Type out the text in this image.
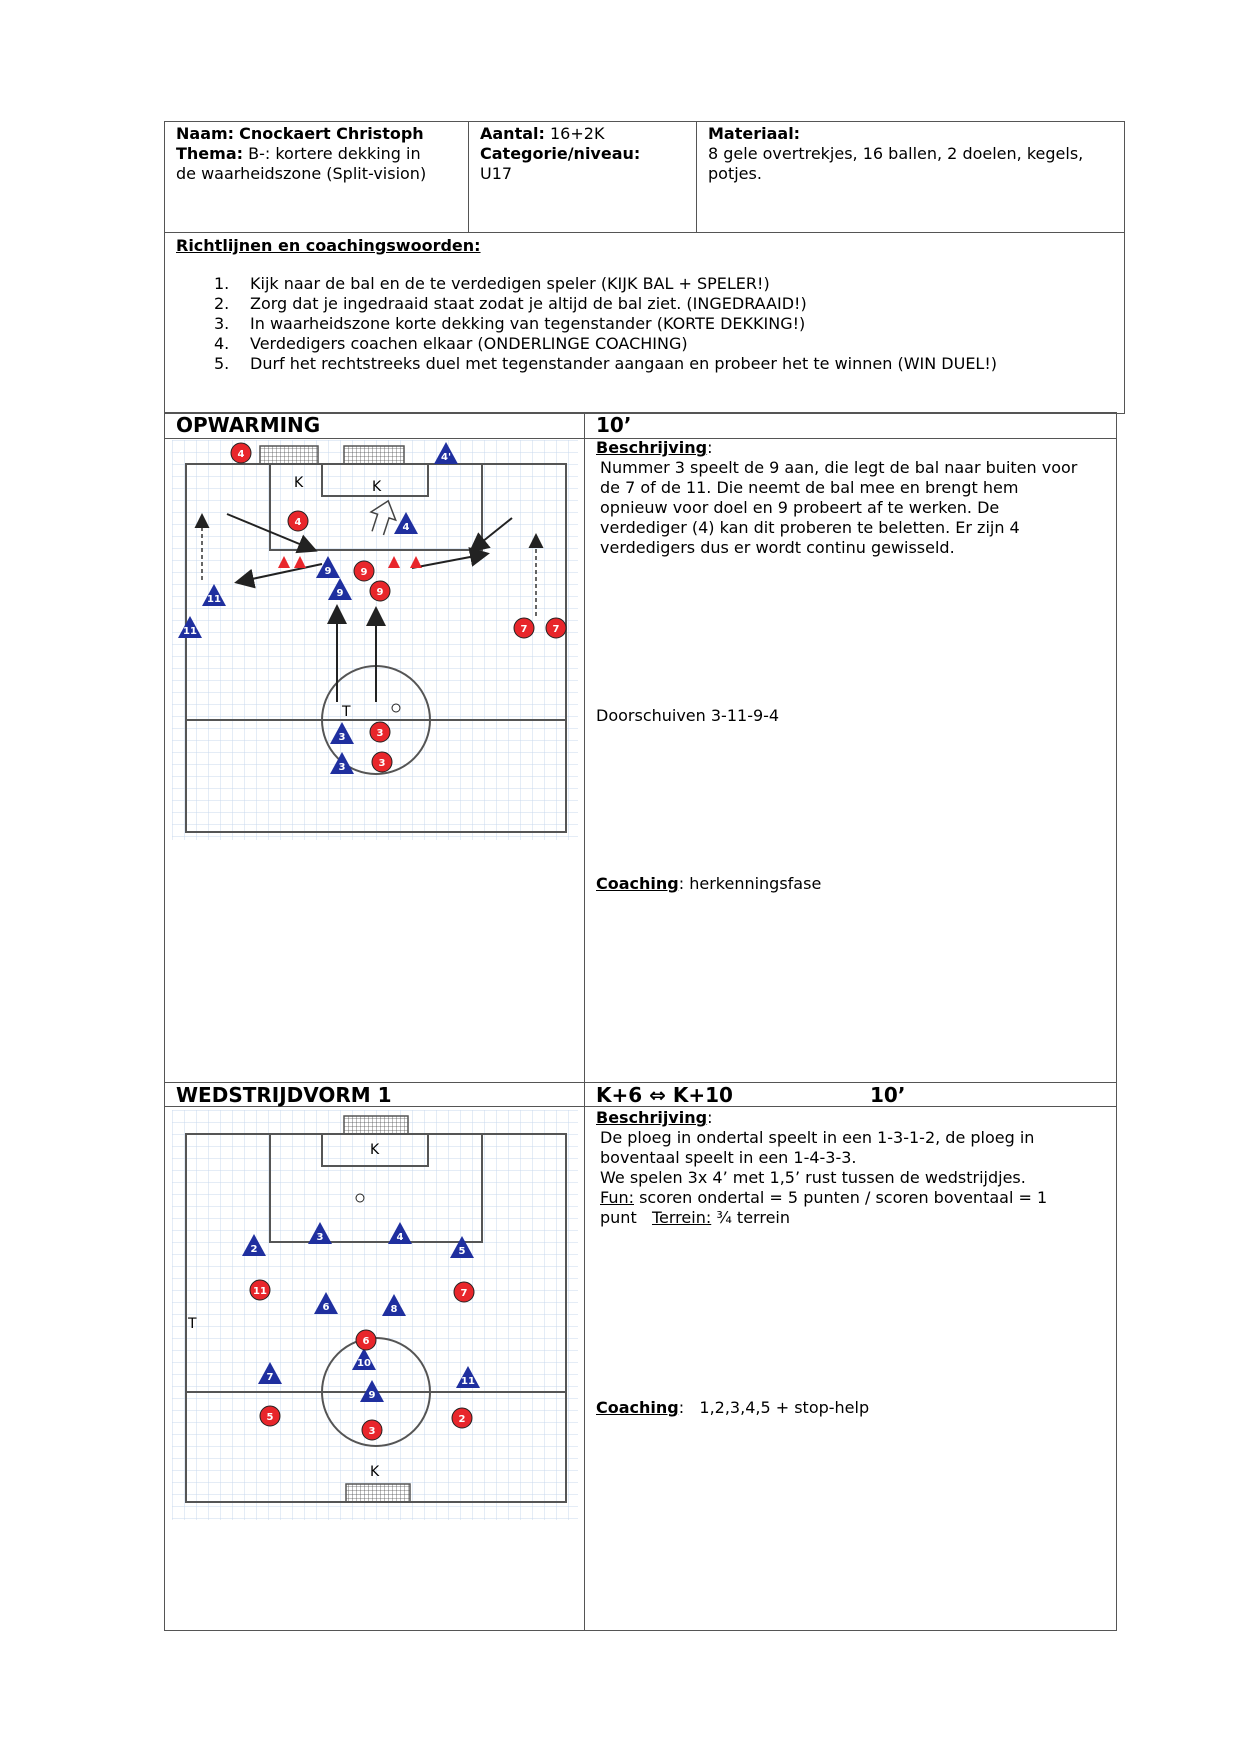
Naam: Cnockaert Christoph
Thema: B-: kortere dekking in
de waarheidszone (Split-vision)
Aantal: 16+2K
Categorie/niveau:
U17
Materiaal:
8 gele overtrekjes, 16 ballen, 2 doelen, kegels,
potjes.
Richtlijnen en coachingswoorden:
1. Kijk naar de bal en de te verdedigen speler (KIJK BAL + SPELER!)
2. Zorg dat je ingedraaid staat zodat je altijd de bal ziet. (INGEDRAAID!)
3. In waarheidszone korte dekking van tegenstander (KORTE DEKKING!)
4. Verdedigers coachen elkaar (ONDERLINGE COACHING)
5. Durf het rechtstreeks duel met tegenstander aangaan en probeer het te winnen (WIN DUEL!)
OPWARMING	10’
Beschrijving:
Nummer 3 speelt de 9 aan, die legt de bal naar buiten voor
de 7 of de 11. Die neemt de bal mee en brengt hem
opnieuw voor doel en 9 probeert af te werken. De
verdediger (4) kan dit proberen te beletten. Er zijn 4
verdedigers dus er wordt continu gewisseld.
Doorschuiven 3-11-9-4
Coaching: herkenningsfase
K	K
T
4
4
9
9
7	7
3
3
4'
4
9
9
11
11
3
3
WEDSTRIJDVORM 1	K+6 ⇔ K+10	10’
Beschrijving:
De ploeg in ondertal speelt in een 1-3-1-2, de ploeg in
boventaal speelt in een 1-4-3-3.
We spelen 3x 4’ met 1,5’ rust tussen de wedstrijdjes.
Fun: scoren ondertal = 5 punten / scoren boventaal = 1
punt Terrein: ¾ terrein
Coaching:   1,2,3,4,5 + stop-help
K
K
T
2
3	4
5
6	8
10
7
9
11
11	7
6
5
3
2
